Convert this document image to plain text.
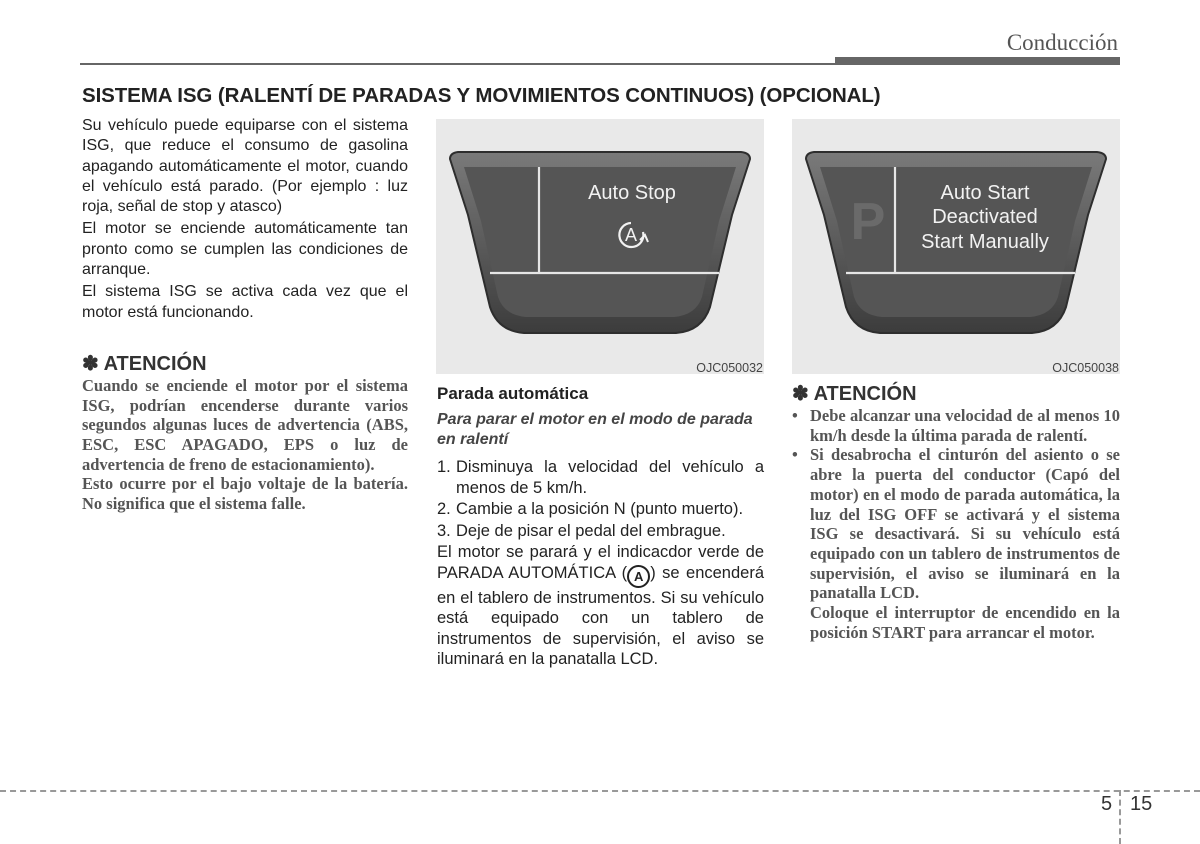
Conducción
SISTEMA ISG (RALENTÍ DE PARADAS Y MOVIMIENTOS CONTINUOS) (OPCIONAL)

Su vehículo puede equiparse con el sistema ISG, que reduce el consumo de gasolina apagando automáticamente el motor, cuando el vehículo está parado. (Por ejemplo : luz roja, señal de stop y atasco)

El motor se enciende automáticamente tan pronto como se cumplen las condiciones de arranque.

El sistema ISG se activa cada vez que el motor está funcionando.

✽ ATENCIÓN
Cuando se enciende el motor por el sistema ISG, podrían encenderse durante varios segundos algunas luces de advertencia (ABS, ESC, ESC APAGADO, EPS o luz de advertencia de freno de estacionamiento).
Esto ocurre por el bajo voltaje de la batería. No significa que el sistema falle.
Auto Stop
A
OJC050032
P	Auto Start
Deactivated
Start Manually
OJC050038
Parada automática
Para parar el motor en el modo de parada en ralentí
1. Disminuya la velocidad del vehículo a menos de 5 km/h.
2. Cambie a la posición N (punto muerto).
3. Deje de pisar el pedal del embrague.

El motor se parará y el indicacdor verde de PARADA AUTOMÁTICA ( A ) se encenderá en el tablero de instrumentos. Si su vehículo está equipado con un tablero de instrumentos de supervisión, el aviso se iluminará en la panatalla LCD.

✽ ATENCIÓN
• Debe alcanzar una velocidad de al menos 10 km/h desde la última parada de ralentí.
• Si desabrocha el cinturón del asiento o se abre la puerta del conductor (Capó del motor) en el modo de parada automática, la luz del ISG OFF se activará y el sistema ISG se desactivará. Si su vehículo está equipado con un tablero de instrumentos de supervisión, el aviso se iluminará en la panatalla LCD.
Coloque el interruptor de encendido en la posición START para arrancar el motor.
5 15
